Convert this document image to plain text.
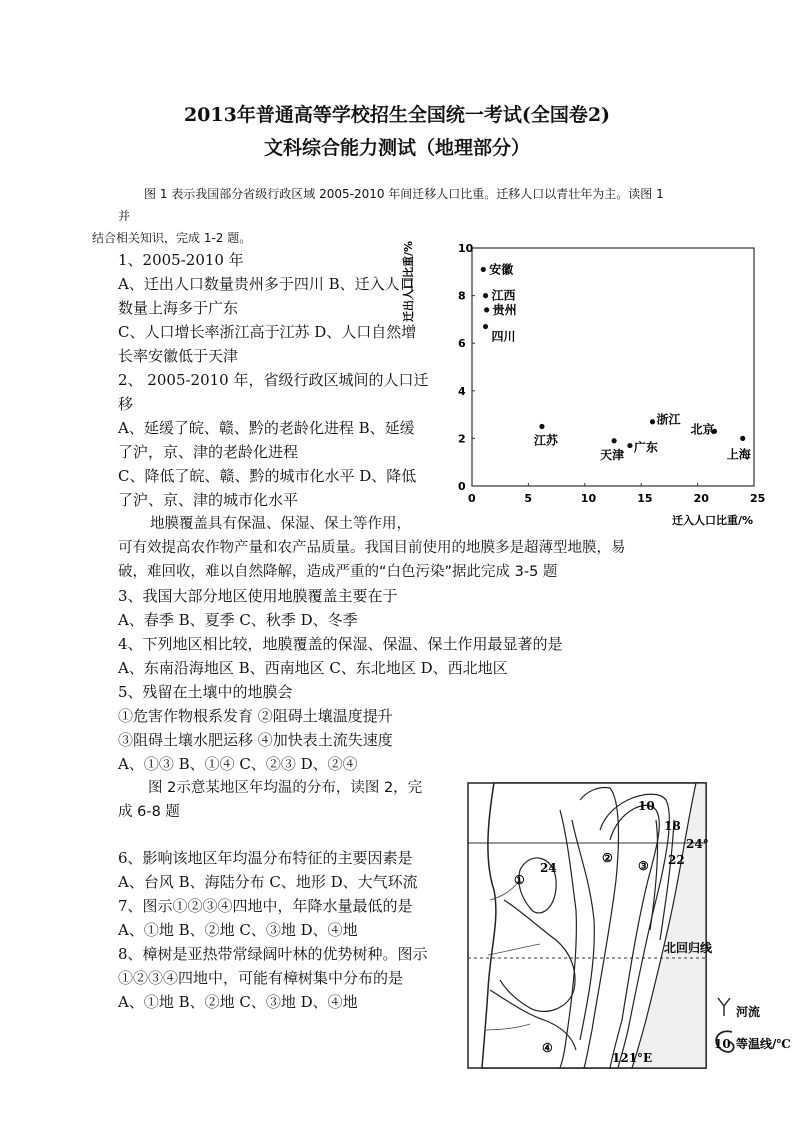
2013年普通高等学校招生全国统一考试(全国卷2)
文科综合能力测试（地理部分）
图 1 表示我国部分省级行政区域 2005-2010 年间迁移人口比重。迁移人口以青壮年为主。读图 1 并
结合相关知识，完成 1-2 题。
1、2005-2010 年
A、迁出人口数量贵州多于四川 B、迁入人口
数量上海多于广东
C、人口增长率浙江高于江苏 D、人口自然增
长率安徽低于天津
2、 2005-2010 年，省级行政区城间的人口迁
移
A、延缓了皖、赣、黔的老龄化进程 B、延缓
了沪，京、津的老龄化进程
C、降低了皖、赣、黔的城市化水平 D、降低
了沪、京、津的城市化水平
地膜覆盖具有保温、保湿、保土等作用，
可有效提高农作物产量和农产品质量。我国目前使用的地膜多是超薄型地膜，易
破，难回收，难以自然降解，造成严重的“白色污染”据此完成 3-5 题
3、我国大部分地区使用地膜覆盖主要在于
A、春季 B、夏季 C、秋季 D、冬季
4、下列地区相比较，地膜覆盖的保湿、保温、保土作用最显著的是
A、东南沿海地区 B、西南地区 C、东北地区 D、西北地区
5、残留在土壤中的地膜会
①危害作物根系发育 ②阻碍土壤温度提升
③阻碍土壤水肥运移 ④加快表土流失速度
A、①③ B、①④ C、②③ D、②④
图 2示意某地区年均温的分布，读图 2，完
成 6-8 题
6、影响该地区年均温分布特征的主要因素是
A、台风 B、海陆分布 C、地形 D、大气环流
7、图示①②③④四地中，年降水量最低的是
A、①地 B、②地 C、③地 D、④地
8、樟树是亚热带常绿阔叶林的优势树种。图示
①②③④四地中，可能有樟树集中分布的是
A、①地 B、②地 C、③地 D、④地
迁出人口比重/%
迁入人口比重/%
0	5	10	15	20	25
0
2
4
6
8
10
安徽
江西
贵州
四川
江苏
天津
广东
浙江
北京
上海
10
24
18
22
①
②
③
④
24°
北回归线
121°E
河流
10 等温线/℃
